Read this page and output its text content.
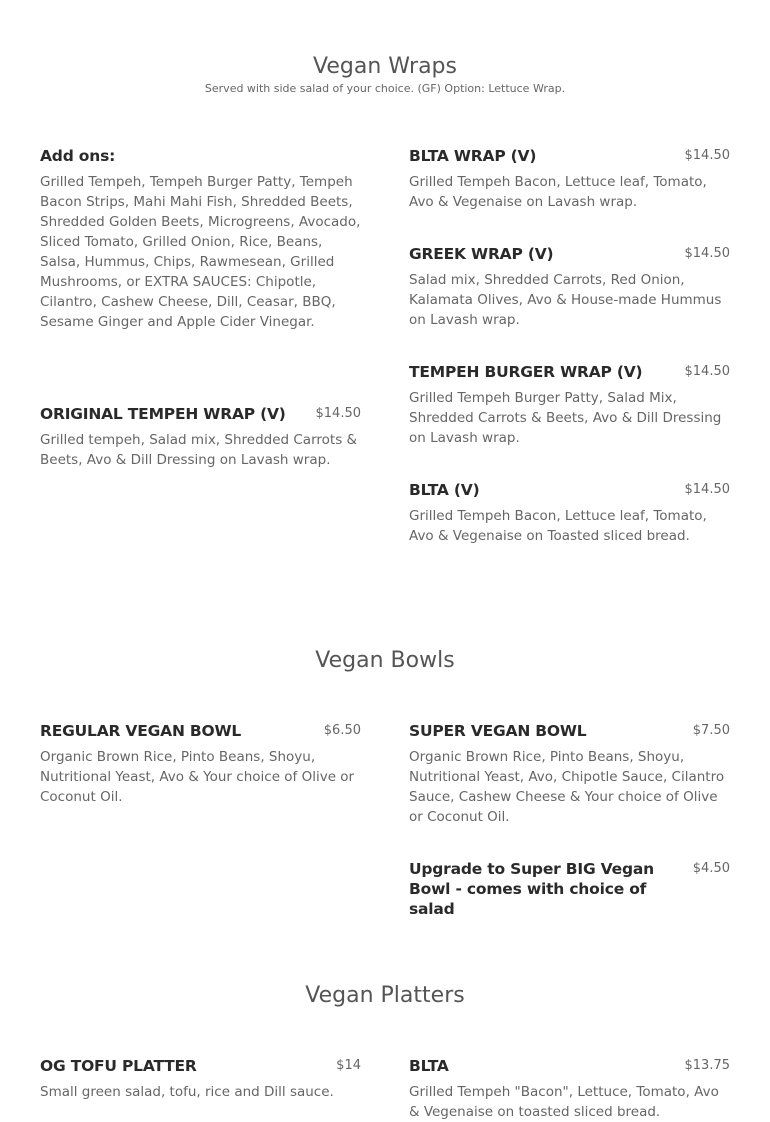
Vegan Wraps

Served with side salad of your choice. (GF) Option: Lettuce Wrap.

Add ons:
Grilled Tempeh, Tempeh Burger Patty, Tempeh Bacon Strips, Mahi Mahi Fish, Shredded Beets, Shredded Golden Beets, Microgreens, Avocado, Sliced Tomato, Grilled Onion, Rice, Beans, Salsa, Hummus, Chips, Rawmesean, Grilled Mushrooms, or EXTRA SAUCES: Chipotle, Cilantro, Cashew Cheese, Dill, Ceasar, BBQ, Sesame Ginger and Apple Cider Vinegar.
ORIGINAL TEMPEH WRAP (V)	$14.50
Grilled tempeh, Salad mix, Shredded Carrots & Beets, Avo & Dill Dressing on Lavash wrap.
BLTA WRAP (V)	$14.50
Grilled Tempeh Bacon, Lettuce leaf, Tomato, Avo & Vegenaise on Lavash wrap.
GREEK WRAP (V)	$14.50
Salad mix, Shredded Carrots, Red Onion, Kalamata Olives, Avo & House-made Hummus on Lavash wrap.
TEMPEH BURGER WRAP (V)	$14.50
Grilled Tempeh Burger Patty, Salad Mix, Shredded Carrots & Beets, Avo & Dill Dressing on Lavash wrap.
BLTA (V)	$14.50
Grilled Tempeh Bacon, Lettuce leaf, Tomato, Avo & Vegenaise on Toasted sliced bread.
Vegan Bowls
REGULAR VEGAN BOWL	$6.50
Organic Brown Rice, Pinto Beans, Shoyu, Nutritional Yeast, Avo & Your choice of Olive or Coconut Oil.
SUPER VEGAN BOWL	$7.50
Organic Brown Rice, Pinto Beans, Shoyu, Nutritional Yeast, Avo, Chipotle Sauce, Cilantro Sauce, Cashew Cheese & Your choice of Olive or Coconut Oil.
Upgrade to Super BIG Vegan Bowl - comes with choice of salad
$4.50
Vegan Platters
OG TOFU PLATTER	$14
Small green salad, tofu, rice and Dill sauce.
BLTA	$13.75
Grilled Tempeh "Bacon", Lettuce, Tomato, Avo & Vegenaise on toasted sliced bread.
